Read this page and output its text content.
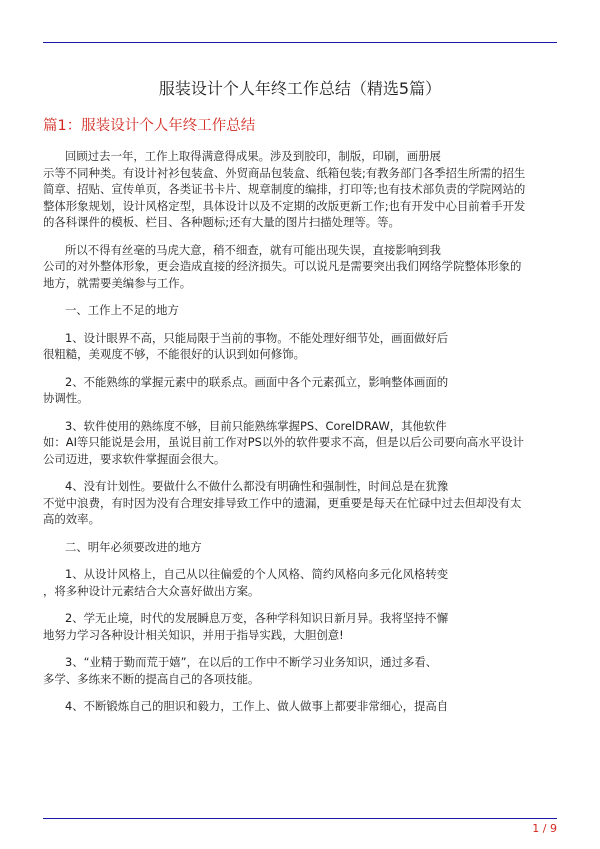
服装设计个人年终工作总结（精选5篇）
篇1：服装设计个人年终工作总结
回顾过去一年，工作上取得满意得成果。涉及到胶印，制版，印刷，画册展
示等不同种类。有设计衬衫包装盒、外贸商品包装盒、纸箱包装;有教务部门各季招生所需的招生
简章、招贴、宣传单页，各类证书卡片、规章制度的编排，打印等;也有技术部负责的学院网站的
整体形象规划，设计风格定型，具体设计以及不定期的改版更新工作;也有开发中心目前着手开发
的各科课件的模板、栏目、各种题标;还有大量的图片扫描处理等。等。
所以不得有丝毫的马虎大意，稍不细查，就有可能出现失误，直接影响到我
公司的对外整体形象，更会造成直接的经济损失。可以说凡是需要突出我们网络学院整体形象的
地方，就需要美编参与工作。
一、工作上不足的地方
1、设计眼界不高，只能局限于当前的事物。不能处理好细节处，画面做好后
很粗糙，美观度不够，不能很好的认识到如何修饰。
2、不能熟练的掌握元素中的联系点。画面中各个元素孤立，影响整体画面的
协调性。
3、软件使用的熟练度不够，目前只能熟练掌握PS、CorelDRAW，其他软件
如：AI等只能说是会用，虽说目前工作对PS以外的软件要求不高，但是以后公司要向高水平设计
公司迈进，要求软件掌握面会很大。
4、没有计划性。要做什么不做什么都没有明确性和强制性，时间总是在犹豫
不觉中浪费，有时因为没有合理安排导致工作中的遗漏，更重要是每天在忙碌中过去但却没有太
高的效率。
二、明年必须要改进的地方
1、从设计风格上，自己从以往偏爱的个人风格、简约风格向多元化风格转变
，将多种设计元素结合大众喜好做出方案。
2、学无止境，时代的发展瞬息万变，各种学科知识日新月异。我将坚持不懈
地努力学习各种设计相关知识，并用于指导实践，大胆创意!
3、“业精于勤而荒于嬉”，在以后的工作中不断学习业务知识，通过多看、
多学、多练来不断的提高自己的各项技能。
4、不断锻炼自己的胆识和毅力，工作上、做人做事上都要非常细心，提高自
1 / 9
